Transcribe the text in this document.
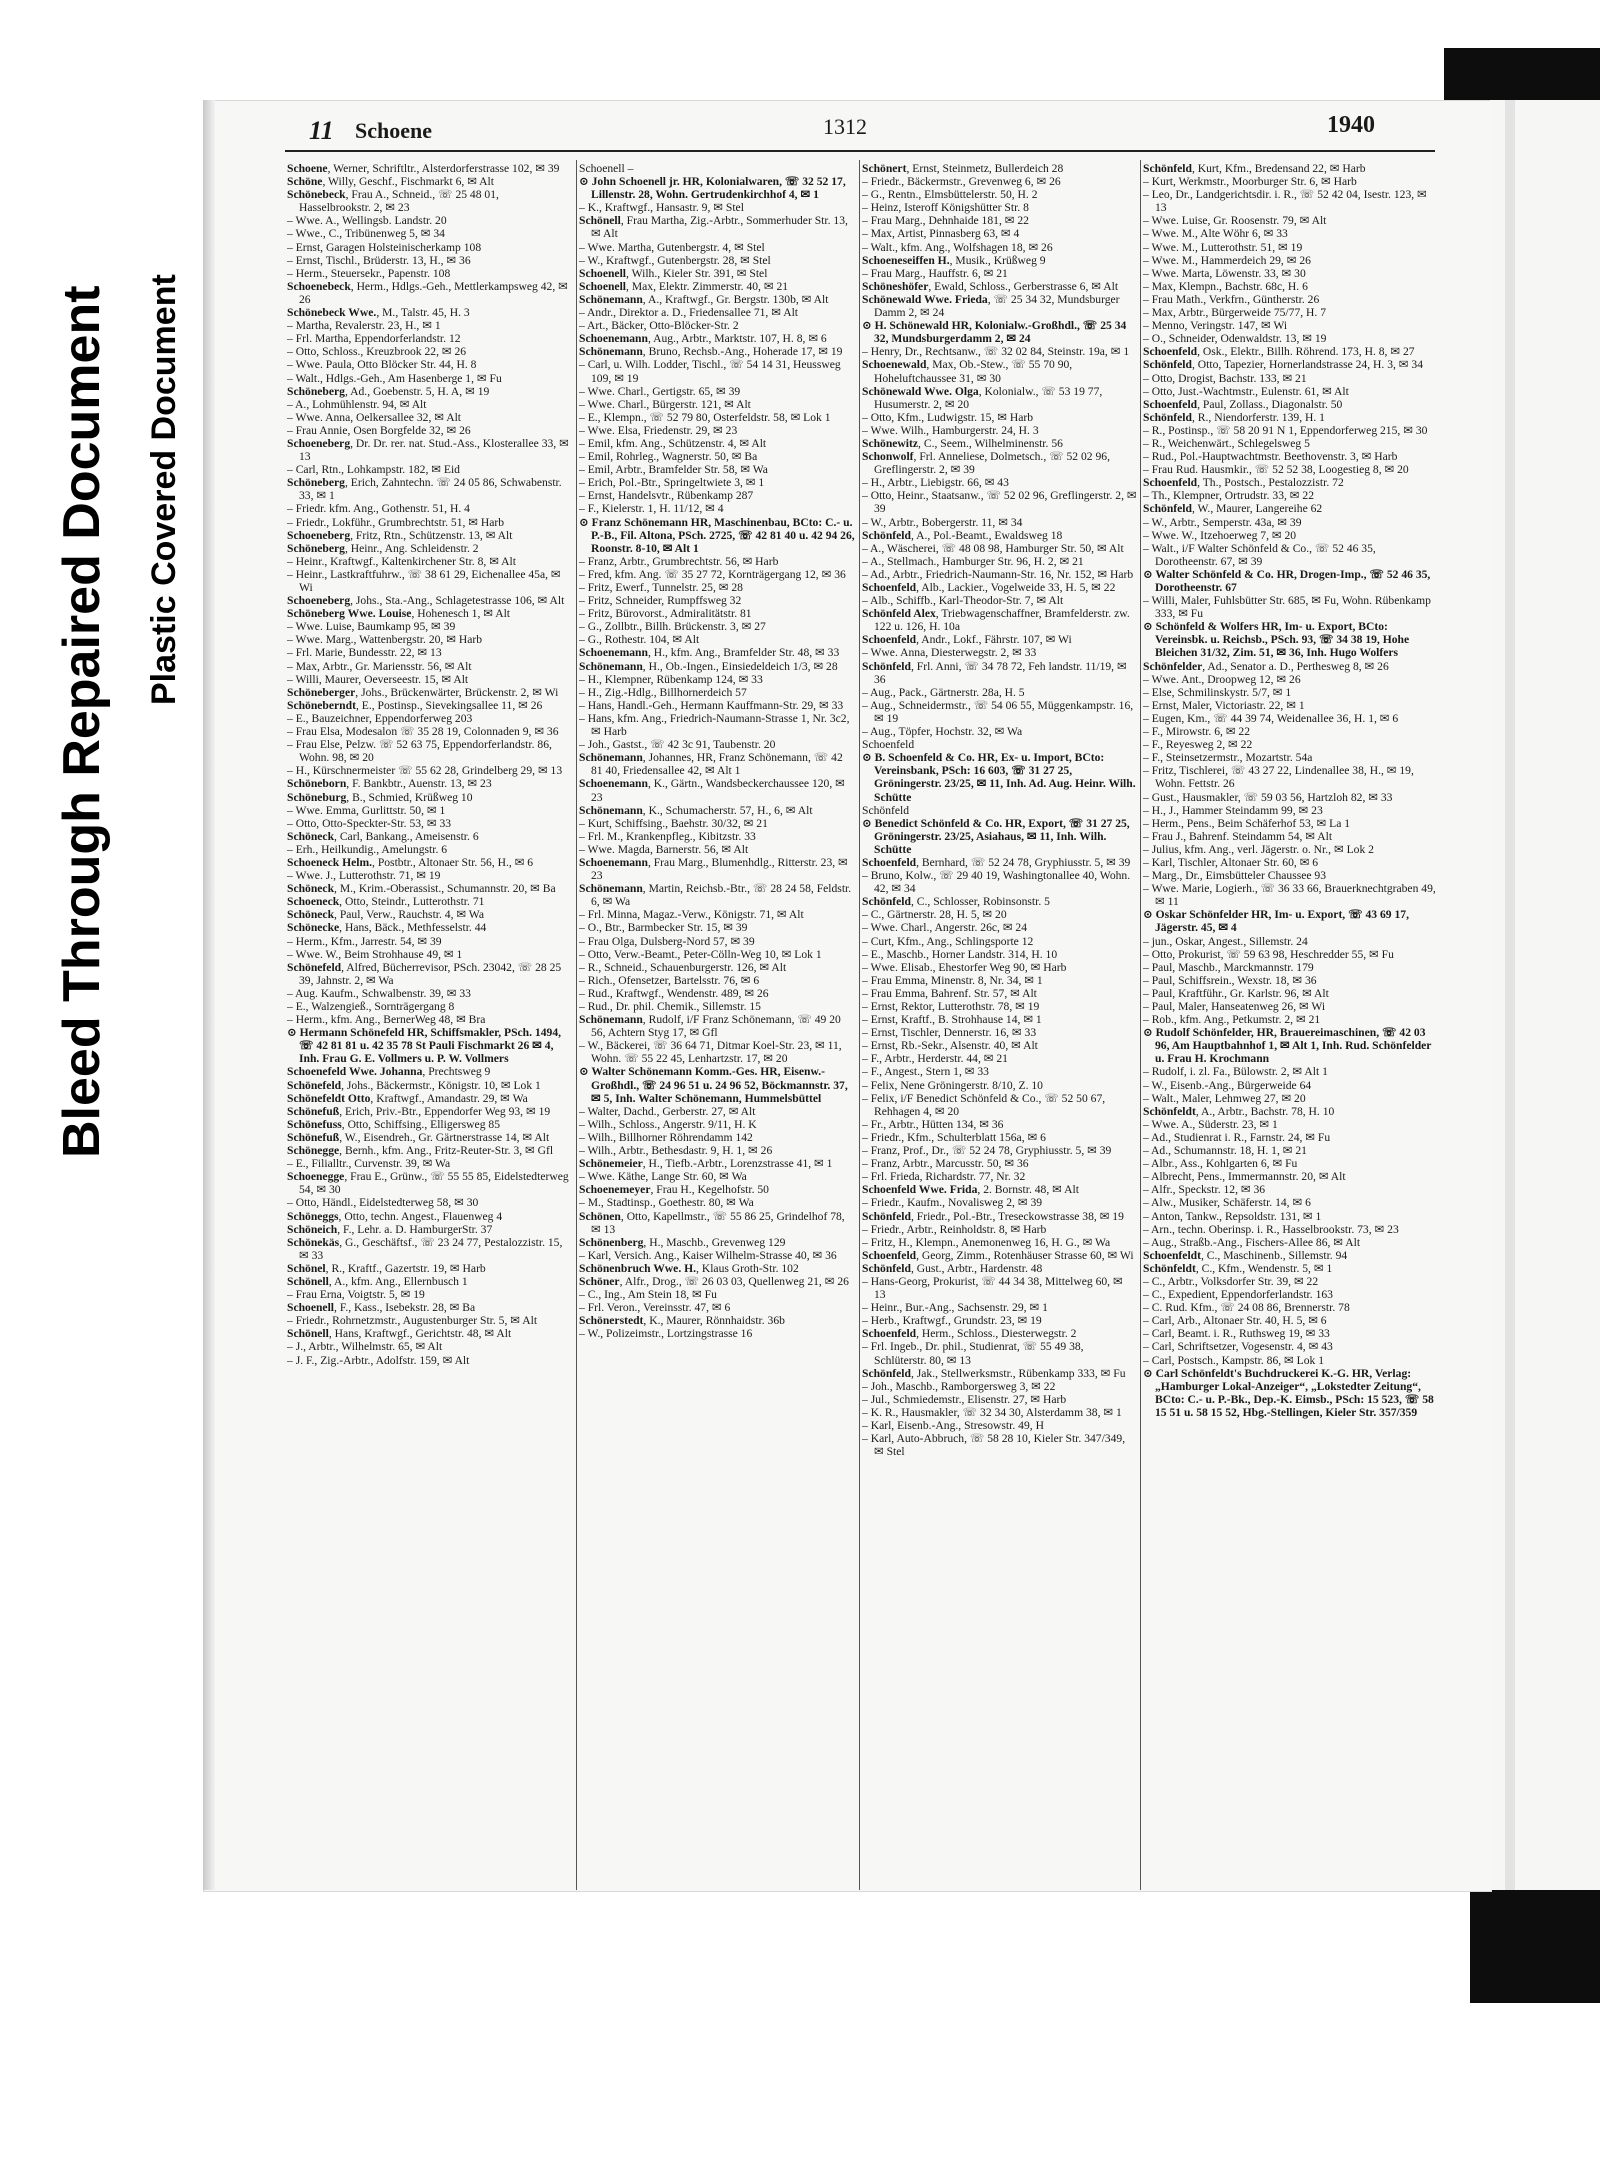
Bleed Through Repaired Document Plastic Covered Document
11 Schoene	1312	1940

Schoene, Werner, Schriftltr., Alsterdorferstrasse 102, ✉ 39

Schöne, Willy, Geschf., Fischmarkt 6, ✉ Alt

Schönebeck, Frau A., Schneid., ☏ 25 48 01, Hasselbrookstr. 2, ✉ 23

– Wwe. A., Wellingsb. Landstr. 20

– Wwe., C., Tribünenweg 5, ✉ 34

– Ernst, Garagen Holsteinischerkamp 108

– Ernst, Tischl., Brüderstr. 13, H., ✉ 36

– Herm., Steuersekr., Papenstr. 108

Schoenebeck, Herm., Hdlgs.-Geh., Mettlerkampsweg 42, ✉ 26

Schönebeck Wwe., M., Talstr. 45, H. 3

– Martha, Revalerstr. 23, H., ✉ 1

– Frl. Martha, Eppendorferlandstr. 12

– Otto, Schloss., Kreuzbrook 22, ✉ 26

– Wwe. Paula, Otto Blöcker Str. 44, H. 8

– Walt., Hdlgs.-Geh., Am Hasenberge 1, ✉ Fu

Schöneberg, Ad., Goebenstr. 5, H. A, ✉ 19

– A., Lohmühlenstr. 94, ✉ Alt

– Wwe. Anna, Oelkersallee 32, ✉ Alt

– Frau Annie, Osen Borgfelde 32, ✉ 26

Schoeneberg, Dr. Dr. rer. nat. Stud.-Ass., Klosterallee 33, ✉ 13

– Carl, Rtn., Lohkampstr. 182, ✉ Eid

Schöneberg, Erich, Zahntechn. ☏ 24 05 86, Schwabenstr. 33, ✉ 1

– Friedr. kfm. Ang., Gothenstr. 51, H. 4

– Friedr., Lokführ., Grumbrechtstr. 51, ✉ Harb

Schoeneberg, Fritz, Rtn., Schützenstr. 13, ✉ Alt

Schöneberg, Heinr., Ang. Schleidenstr. 2

– Heinr., Kraftwgf., Kaltenkirchener Str. 8, ✉ Alt

– Heinr., Lastkraftfuhrw., ☏ 38 61 29, Eichenallee 45a, ✉ Wi

Schoeneberg, Johs., Sta.-Ang., Schlagetestrasse 106, ✉ Alt

Schöneberg Wwe. Louise, Hohenesch 1, ✉ Alt

– Wwe. Luise, Baumkamp 95, ✉ 39

– Wwe. Marg., Wattenbergstr. 20, ✉ Harb

– Frl. Marie, Bundesstr. 22, ✉ 13

– Max, Arbtr., Gr. Mariensstr. 56, ✉ Alt

– Willi, Maurer, Oeverseestr. 15, ✉ Alt

Schöneberger, Johs., Brückenwärter, Brückenstr. 2, ✉ Wi

Schöneberndt, E., Postinsp., Sievekingsallee 11, ✉ 26

– E., Bauzeichner, Eppendorferweg 203

– Frau Elsa, Modesalon ☏ 35 28 19, Colonnaden 9, ✉ 36

– Frau Else, Pelzw. ☏ 52 63 75, Eppendorferlandstr. 86, Wohn. 98, ✉ 20

– H., Kürschnermeister ☏ 55 62 28, Grindelberg 29, ✉ 13

Schöneborn, F. Bankbtr., Auenstr. 13, ✉ 23

Schöneburg, B., Schmied, Krüßweg 10

– Wwe. Emma, Gurlittstr. 50, ✉ 1

– Otto, Otto-Speckter-Str. 53, ✉ 33

Schöneck, Carl, Bankang., Ameisenstr. 6

– Erh., Heilkundig., Amelungstr. 6

Schoeneck Helm., Postbtr., Altonaer Str. 56, H., ✉ 6

– Wwe. J., Lutterothstr. 71, ✉ 19

Schöneck, M., Krim.-Oberassist., Schumannstr. 20, ✉ Ba

Schoeneck, Otto, Steindr., Lutterothstr. 71

Schöneck, Paul, Verw., Rauchstr. 4, ✉ Wa

Schönecke, Hans, Bäck., Methfesselstr. 44

– Herm., Kfm., Jarrestr. 54, ✉ 39

– Wwe. W., Beim Strohhause 49, ✉ 1

Schönefeld, Alfred, Bücherrevisor, PSch. 23042, ☏ 28 25 39, Jahnstr. 2, ✉ Wa

– Aug. Kaufm., Schwalbenstr. 39, ✉ 33

– E., Walzengieß., Sornträgergang 8

– Herm., kfm. Ang., BernerWeg 48, ✉ Bra

⊙ Hermann Schönefeld HR, Schiffsmakler, PSch. 1494, ☏ 42 81 81 u. 42 35 78 St Pauli Fischmarkt 26 ✉ 4, Inh. Frau G. E. Vollmers u. P. W. Vollmers

Schoenefeld Wwe. Johanna, Prechtsweg 9

Schönefeld, Johs., Bäckermstr., Königstr. 10, ✉ Lok 1

Schönefeldt Otto, Kraftwgf., Amandastr. 29, ✉ Wa

Schönefuß, Erich, Priv.-Btr., Eppendorfer Weg 93, ✉ 19

Schönefuss, Otto, Schiffsing., Elligersweg 85

Schönefuß, W., Eisendreh., Gr. Gärtnerstrasse 14, ✉ Alt

Schönegge, Bernh., kfm. Ang., Fritz-Reuter-Str. 3, ✉ Gfl

– E., Filialltr., Curvenstr. 39, ✉ Wa

Schoenegge, Frau E., Grünw., ☏ 55 55 85, Eidelstedterweg 54, ✉ 30

– Otto, Händl., Eidelstedterweg 58, ✉ 30

Schöneggs, Otto, techn. Angest., Flauenweg 4

Schöneich, F., Lehr. a. D. HamburgerStr. 37

Schönekäs, G., Geschäftsf., ☏ 23 24 77, Pestalozzistr. 15, ✉ 33

Schönel, R., Kraftf., Gazertstr. 19, ✉ Harb

Schönell, A., kfm. Ang., Ellernbusch 1

– Frau Erna, Voigtstr. 5, ✉ 19

Schoenell, F., Kass., Isebekstr. 28, ✉ Ba

– Friedr., Rohrnetzmstr., Augustenburger Str. 5, ✉ Alt

Schönell, Hans, Kraftwgf., Gerichtstr. 48, ✉ Alt

– J., Arbtr., Wilhelmstr. 65, ✉ Alt

– J. F., Zig.-Arbtr., Adolfstr. 159, ✉ Alt

Schoenell –

⊙ John Schoenell jr. HR, Kolonialwaren, ☏ 32 52 17, Lillenstr. 28, Wohn. Gertrudenkirchhof 4, ✉ 1

– K., Kraftwgf., Hansastr. 9, ✉ Stel

Schönell, Frau Martha, Zig.-Arbtr., Sommerhuder Str. 13, ✉ Alt

– Wwe. Martha, Gutenbergstr. 4, ✉ Stel

– W., Kraftwgf., Gutenbergstr. 28, ✉ Stel

Schoenell, Wilh., Kieler Str. 391, ✉ Stel

Schoenell, Max, Elektr. Zimmerstr. 40, ✉ 21

Schönemann, A., Kraftwgf., Gr. Bergstr. 130b, ✉ Alt

– Andr., Direktor a. D., Friedensallee 71, ✉ Alt

– Art., Bäcker, Otto-Blöcker-Str. 2

Schoenemann, Aug., Arbtr., Marktstr. 107, H. 8, ✉ 6

Schönemann, Bruno, Rechsb.-Ang., Hoherade 17, ✉ 19

– Carl, u. Wilh. Lodder, Tischl., ☏ 54 14 31, Heussweg 109, ✉ 19

– Wwe. Charl., Gertigstr. 65, ✉ 39

– Wwe. Charl., Bürgerstr. 121, ✉ Alt

– E., Klempn., ☏ 52 79 80, Osterfeldstr. 58, ✉ Lok 1

– Wwe. Elsa, Friedenstr. 29, ✉ 23

– Emil, kfm. Ang., Schützenstr. 4, ✉ Alt

– Emil, Rohrleg., Wagnerstr. 50, ✉ Ba

– Emil, Arbtr., Bramfelder Str. 58, ✉ Wa

– Erich, Pol.-Btr., Springeltwiete 3, ✉ 1

– Ernst, Handelsvtr., Rübenkamp 287

– F., Kielerstr. 1, H. 11/12, ✉ 4

⊙ Franz Schönemann HR, Maschinenbau, BCto: C.- u. P.-B., Fil. Altona, PSch. 2725, ☏ 42 81 40 u. 42 94 26, Roonstr. 8-10, ✉ Alt 1

– Franz, Arbtr., Grumbrechtstr. 56, ✉ Harb

– Fred, kfm. Ang. ☏ 35 27 72, Kornträgergang 12, ✉ 36

– Fritz, Ewerf., Tunnelstr. 25, ✉ 28

– Fritz, Schneider, Rumpffsweg 32

– Fritz, Bürovorst., Admiralitätstr. 81

– G., Zollbtr., Billh. Brückenstr. 3, ✉ 27

– G., Rothestr. 104, ✉ Alt

Schoenemann, H., kfm. Ang., Bramfelder Str. 48, ✉ 33

Schönemann, H., Ob.-Ingen., Einsiedeldeich 1/3, ✉ 28

– H., Klempner, Rübenkamp 124, ✉ 33

– H., Zig.-Hdlg., Billhornerdeich 57

– Hans, Handl.-Geh., Hermann Kauffmann-Str. 29, ✉ 33

– Hans, kfm. Ang., Friedrich-Naumann-Strasse 1, Nr. 3c2, ✉ Harb

– Joh., Gastst., ☏ 42 3c 91, Taubenstr. 20

Schönemann, Johannes, HR, Franz Schönemann, ☏ 42 81 40, Friedensallee 42, ✉ Alt 1

Schoenemann, K., Gärtn., Wandsbeckerchaussee 120, ✉ 23

Schönemann, K., Schumacherstr. 57, H., 6, ✉ Alt

– Kurt, Schiffsing., Baehstr. 30/32, ✉ 21

– Frl. M., Krankenpfleg., Kibitzstr. 33

– Wwe. Magda, Barnerstr. 56, ✉ Alt

Schoenemann, Frau Marg., Blumenhdlg., Ritterstr. 23, ✉ 23

Schönemann, Martin, Reichsb.-Btr., ☏ 28 24 58, Feldstr. 6, ✉ Wa

– Frl. Minna, Magaz.-Verw., Königstr. 71, ✉ Alt

– O., Btr., Barmbecker Str. 15, ✉ 39

– Frau Olga, Dulsberg-Nord 57, ✉ 39

– Otto, Verw.-Beamt., Peter-Cölln-Weg 10, ✉ Lok 1

– R., Schneid., Schauenburgerstr. 126, ✉ Alt

– Rich., Ofensetzer, Bartelsstr. 76, ✉ 6

– Rud., Kraftwgf., Wendenstr. 489, ✉ 26

– Rud., Dr. phil. Chemik., Sillemstr. 15

Schönemann, Rudolf, i/F Franz Schönemann, ☏ 49 20 56, Achtern Styg 17, ✉ Gfl

– W., Bäckerei, ☏ 36 64 71, Ditmar Koel-Str. 23, ✉ 11, Wohn. ☏ 55 22 45, Lenhartzstr. 17, ✉ 20

⊙ Walter Schönemann Komm.-Ges. HR, Eisenw.-Großhdl., ☏ 24 96 51 u. 24 96 52, Böckmannstr. 37, ✉ 5, Inh. Walter Schönemann, Hummelsbüttel

– Walter, Dachd., Gerberstr. 27, ✉ Alt

– Wilh., Schloss., Angerstr. 9/11, H. K

– Wilh., Billhorner Röhrendamm 142

– Wilh., Arbtr., Bethesdastr. 9, H. 1, ✉ 26

Schönemeier, H., Tiefb.-Arbtr., Lorenzstrasse 41, ✉ 1

– Wwe. Käthe, Lange Str. 60, ✉ Wa

Schoenemeyer, Frau H., Kegelhofstr. 50

– M., Stadtinsp., Goethestr. 80, ✉ Wa

Schönen, Otto, Kapellmstr., ☏ 55 86 25, Grindelhof 78, ✉ 13

Schönenberg, H., Maschb., Grevenweg 129

– Karl, Versich. Ang., Kaiser Wilhelm-Strasse 40, ✉ 36

Schönenbruch Wwe. H., Klaus Groth-Str. 102

Schöner, Alfr., Drog., ☏ 26 03 03, Quellenweg 21, ✉ 26

– C., Ing., Am Stein 18, ✉ Fu

– Frl. Veron., Vereinsstr. 47, ✉ 6

Schönerstedt, K., Maurer, Rönnhaidstr. 36b

– W., Polizeimstr., Lortzingstrasse 16

Schönert, Ernst, Steinmetz, Bullerdeich 28

– Friedr., Bäckermstr., Grevenweg 6, ✉ 26

– G., Rentn., Elmsbüttelerstr. 50, H. 2

– Heinz, Isteroff Königshütter Str. 8

– Frau Marg., Dehnhaide 181, ✉ 22

– Max, Artist, Pinnasberg 63, ✉ 4

– Walt., kfm. Ang., Wolfshagen 18, ✉ 26

Schoeneseiffen H., Musik., Krüßweg 9

– Frau Marg., Hauffstr. 6, ✉ 21

Schöneshöfer, Ewald, Schloss., Gerberstrasse 6, ✉ Alt

Schönewald Wwe. Frieda, ☏ 25 34 32, Mundsburger Damm 2, ✉ 24

⊙ H. Schönewald HR, Kolonialw.-Großhdl., ☏ 25 34 32, Mundsburgerdamm 2, ✉ 24

– Henry, Dr., Rechtsanw., ☏ 32 02 84, Steinstr. 19a, ✉ 1

Schoenewald, Max, Ob.-Stew., ☏ 55 70 90, Hoheluftchaussee 31, ✉ 30

Schönewald Wwe. Olga, Kolonialw., ☏ 53 19 77, Husumerstr. 2, ✉ 20

– Otto, Kfm., Ludwigstr. 15, ✉ Harb

– Wwe. Wilh., Hamburgerstr. 24, H. 3

Schönewitz, C., Seem., Wilhelminenstr. 56

Schonwolf, Frl. Anneliese, Dolmetsch., ☏ 52 02 96, Greflingerstr. 2, ✉ 39

– H., Arbtr., Liebigstr. 66, ✉ 43

– Otto, Heinr., Staatsanw., ☏ 52 02 96, Greflingerstr. 2, ✉ 39

– W., Arbtr., Bobergerstr. 11, ✉ 34

Schönfeld, A., Pol.-Beamt., Ewaldsweg 18

– A., Wäscherei, ☏ 48 08 98, Hamburger Str. 50, ✉ Alt

– A., Stellmach., Hamburger Str. 96, H. 2, ✉ 21

– Ad., Arbtr., Friedrich-Naumann-Str. 16, Nr. 152, ✉ Harb

Schoenfeld, Alb., Lackier., Vogelweide 33, H. 5, ✉ 22

– Alb., Schiffb., Karl-Theodor-Str. 7, ✉ Alt

Schönfeld Alex, Triebwagenschaffner, Bramfelderstr. zw. 122 u. 126, H. 10a

Schoenfeld, Andr., Lokf., Fährstr. 107, ✉ Wi

– Wwe. Anna, Diesterwegstr. 2, ✉ 33

Schönfeld, Frl. Anni, ☏ 34 78 72, Feh landstr. 11/19, ✉ 36

– Aug., Pack., Gärtnerstr. 28a, H. 5

– Aug., Schneidermstr., ☏ 54 06 55, Müggenkampstr. 16, ✉ 19

– Aug., Töpfer, Hochstr. 32, ✉ Wa

Schoenfeld

⊙ B. Schoenfeld & Co. HR, Ex- u. Import, BCto: Vereinsbank, PSch: 16 603, ☏ 31 27 25, Gröningerstr. 23/25, ✉ 11, Inh. Ad. Aug. Heinr. Wilh. Schütte

Schönfeld

⊙ Benedict Schönfeld & Co. HR, Export, ☏ 31 27 25, Gröningerstr. 23/25, Asiahaus, ✉ 11, Inh. Wilh. Schütte

Schoenfeld, Bernhard, ☏ 52 24 78, Gryphiusstr. 5, ✉ 39

– Bruno, Kolw., ☏ 29 40 19, Washingtonallee 40, Wohn. 42, ✉ 34

Schönfeld, C., Schlosser, Robinsonstr. 5

– C., Gärtnerstr. 28, H. 5, ✉ 20

– Wwe. Charl., Angerstr. 26c, ✉ 24

– Curt, Kfm., Ang., Schlingsporte 12

– E., Maschb., Horner Landstr. 314, H. 10

– Wwe. Elisab., Ehestorfer Weg 90, ✉ Harb

– Frau Emma, Minenstr. 8, Nr. 34, ✉ 1

– Frau Emma, Bahrenf. Str. 57, ✉ Alt

– Ernst, Rektor, Lutterothstr. 78, ✉ 19

– Ernst, Kraftf., B. Strohhause 14, ✉ 1

– Ernst, Tischler, Dennerstr. 16, ✉ 33

– Ernst, Rb.-Sekr., Alsenstr. 40, ✉ Alt

– F., Arbtr., Herderstr. 44, ✉ 21

– F., Angest., Stern 1, ✉ 33

– Felix, Nene Gröningerstr. 8/10, Z. 10

– Felix, i/F Benedict Schönfeld & Co., ☏ 52 50 67, Rehhagen 4, ✉ 20

– Fr., Arbtr., Hütten 134, ✉ 36

– Friedr., Kfm., Schulterblatt 156a, ✉ 6

– Franz, Prof., Dr., ☏ 52 24 78, Gryphiusstr. 5, ✉ 39

– Franz, Arbtr., Marcusstr. 50, ✉ 36

– Frl. Frieda, Richardstr. 77, Nr. 32

Schoenfeld Wwe. Frida, 2. Bornstr. 48, ✉ Alt

– Friedr., Kaufm., Novalisweg 2, ✉ 39

Schönfeld, Friedr., Pol.-Btr., Treseckowstrasse 38, ✉ 19

– Friedr., Arbtr., Reinholdstr. 8, ✉ Harb

– Fritz, H., Klempn., Anemonenweg 16, H. G., ✉ Wa

Schoenfeld, Georg, Zimm., Rotenhäuser Strasse 60, ✉ Wi

Schönfeld, Gust., Arbtr., Hardenstr. 48

– Hans-Georg, Prokurist, ☏ 44 34 38, Mittelweg 60, ✉ 13

– Heinr., Bur.-Ang., Sachsenstr. 29, ✉ 1

– Herb., Kraftwgf., Grundstr. 23, ✉ 19

Schoenfeld, Herm., Schloss., Diesterwegstr. 2

– Frl. Ingeb., Dr. phil., Studienrat, ☏ 55 49 38, Schlüterstr. 80, ✉ 13

Schönfeld, Jak., Stellwerksmstr., Rübenkamp 333, ✉ Fu

– Joh., Maschb., Ramborgersweg 3, ✉ 22

– Jul., Schmiedemstr., Elisenstr. 27, ✉ Harb

– K. R., Hausmakler, ☏ 32 34 30, Alsterdamm 38, ✉ 1

– Karl, Eisenb.-Ang., Stresowstr. 49, H

– Karl, Auto-Abbruch, ☏ 58 28 10, Kieler Str. 347/349, ✉ Stel

Schönfeld, Kurt, Kfm., Bredensand 22, ✉ Harb

– Kurt, Werkmstr., Moorburger Str. 6, ✉ Harb

– Leo, Dr., Landgerichtsdir. i. R., ☏ 52 42 04, Isestr. 123, ✉ 13

– Wwe. Luise, Gr. Roosenstr. 79, ✉ Alt

– Wwe. M., Alte Wöhr 6, ✉ 33

– Wwe. M., Lutterothstr. 51, ✉ 19

– Wwe. M., Hammerdeich 29, ✉ 26

– Wwe. Marta, Löwenstr. 33, ✉ 30

– Max, Klempn., Bachstr. 68c, H. 6

– Frau Math., Verkfrn., Güntherstr. 26

– Max, Arbtr., Bürgerweide 75/77, H. 7

– Menno, Veringstr. 147, ✉ Wi

– O., Schneider, Odenwaldstr. 13, ✉ 19

Schoenfeld, Osk., Elektr., Billh. Röhrend. 173, H. 8, ✉ 27

Schönfeld, Otto, Tapezier, Hornerlandstrasse 24, H. 3, ✉ 34

– Otto, Drogist, Bachstr. 133, ✉ 21

– Otto, Just.-Wachtmstr., Eulenstr. 61, ✉ Alt

Schoenfeld, Paul, Zollass., Diagonalstr. 50

Schönfeld, R., Niendorferstr. 139, H. 1

– R., Postinsp., ☏ 58 20 91 N 1, Eppendorferweg 215, ✉ 30

– R., Weichenwärt., Schlegelsweg 5

– Rud., Pol.-Hauptwachtmstr. Beethovenstr. 3, ✉ Harb

– Frau Rud. Hausmkir., ☏ 52 52 38, Loogestieg 8, ✉ 20

Schoenfeld, Th., Postsch., Pestalozzistr. 72

– Th., Klempner, Ortrudstr. 33, ✉ 22

Schönfeld, W., Maurer, Langereihe 62

– W., Arbtr., Semperstr. 43a, ✉ 39

– Wwe. W., Itzehoerweg 7, ✉ 20

– Walt., i/F Walter Schönfeld & Co., ☏ 52 46 35, Dorotheenstr. 67, ✉ 39

⊙ Walter Schönfeld & Co. HR, Drogen-Imp., ☏ 52 46 35, Dorotheenstr. 67

– Willi, Maler, Fuhlsbütter Str. 685, ✉ Fu, Wohn. Rübenkamp 333, ✉ Fu

⊙ Schönfeld & Wolfers HR, Im- u. Export, BCto: Vereinsbk. u. Reichsb., PSch. 93, ☏ 34 38 19, Hohe Bleichen 31/32, Zim. 51, ✉ 36, Inh. Hugo Wolfers

Schönfelder, Ad., Senator a. D., Perthesweg 8, ✉ 26

– Wwe. Ant., Droopweg 12, ✉ 26

– Else, Schmilinskystr. 5/7, ✉ 1

– Ernst, Maler, Victoriastr. 22, ✉ 1

– Eugen, Km., ☏ 44 39 74, Weidenallee 36, H. 1, ✉ 6

– F., Mirowstr. 6, ✉ 22

– F., Reyesweg 2, ✉ 22

– F., Steinsetzermstr., Mozartstr. 54a

– Fritz, Tischlerei, ☏ 43 27 22, Lindenallee 38, H., ✉ 19, Wohn. Fettstr. 26

– Gust., Hausmakler, ☏ 59 03 56, Hartzloh 82, ✉ 33

– H., J., Hammer Steindamm 99, ✉ 23

– Herm., Pens., Beim Schäferhof 53, ✉ La 1

– Frau J., Bahrenf. Steindamm 54, ✉ Alt

– Julius, kfm. Ang., verl. Jägerstr. o. Nr., ✉ Lok 2

– Karl, Tischler, Altonaer Str. 60, ✉ 6

– Marg., Dr., Eimsbütteler Chaussee 93

– Wwe. Marie, Logierh., ☏ 36 33 66, Brauerknechtgraben 49, ✉ 11

⊙ Oskar Schönfelder HR, Im- u. Export, ☏ 43 69 17, Jägerstr. 45, ✉ 4

– jun., Oskar, Angest., Sillemstr. 24

– Otto, Prokurist, ☏ 59 63 98, Heschredder 55, ✉ Fu

– Paul, Maschb., Marckmannstr. 179

– Paul, Schiffsrein., Wexstr. 18, ✉ 36

– Paul, Kraftführ., Gr. Karlstr. 96, ✉ Alt

– Paul, Maler, Hanseatenweg 26, ✉ Wi

– Rob., kfm. Ang., Petkumstr. 2, ✉ 21

⊙ Rudolf Schönfelder, HR, Brauereimaschinen, ☏ 42 03 96, Am Hauptbahnhof 1, ✉ Alt 1, Inh. Rud. Schönfelder u. Frau H. Krochmann

– Rudolf, i. zl. Fa., Bülowstr. 2, ✉ Alt 1

– W., Eisenb.-Ang., Bürgerweide 64

– Walt., Maler, Lehmweg 27, ✉ 20

Schönfeldt, A., Arbtr., Bachstr. 78, H. 10

– Wwe. A., Süderstr. 23, ✉ 1

– Ad., Studienrat i. R., Farnstr. 24, ✉ Fu

– Ad., Schumannstr. 18, H. 1, ✉ 21

– Albr., Ass., Kohlgarten 6, ✉ Fu

– Albrecht, Pens., Immermannstr. 20, ✉ Alt

– Alfr., Speckstr. 12, ✉ 36

– Alw., Musiker, Schäferstr. 14, ✉ 6

– Anton, Tankw., Repsoldstr. 131, ✉ 1

– Arn., techn. Oberinsp. i. R., Hasselbrookstr. 73, ✉ 23

– Aug., Straßb.-Ang., Fischers-Allee 86, ✉ Alt

Schoenfeldt, C., Maschinenb., Sillemstr. 94

Schönfeldt, C., Kfm., Wendenstr. 5, ✉ 1

– C., Arbtr., Volksdorfer Str. 39, ✉ 22

– C., Expedient, Eppendorferlandstr. 163

– C. Rud. Kfm., ☏ 24 08 86, Brennerstr. 78

– Carl, Arb., Altonaer Str. 40, H. 5, ✉ 6

– Carl, Beamt. i. R., Ruthsweg 19, ✉ 33

– Carl, Schriftsetzer, Vogesenstr. 4, ✉ 43

– Carl, Postsch., Kampstr. 86, ✉ Lok 1

⊙ Carl Schönfeldt's Buchdruckerei K.-G. HR, Verlag: „Hamburger Lokal-Anzeiger“, „Lokstedter Zeitung“, BCto: C.- u. P.-Bk., Dep.-K. Eimsb., PSch: 15 523, ☏ 58 15 51 u. 58 15 52, Hbg.-Stellingen, Kieler Str. 357/359
